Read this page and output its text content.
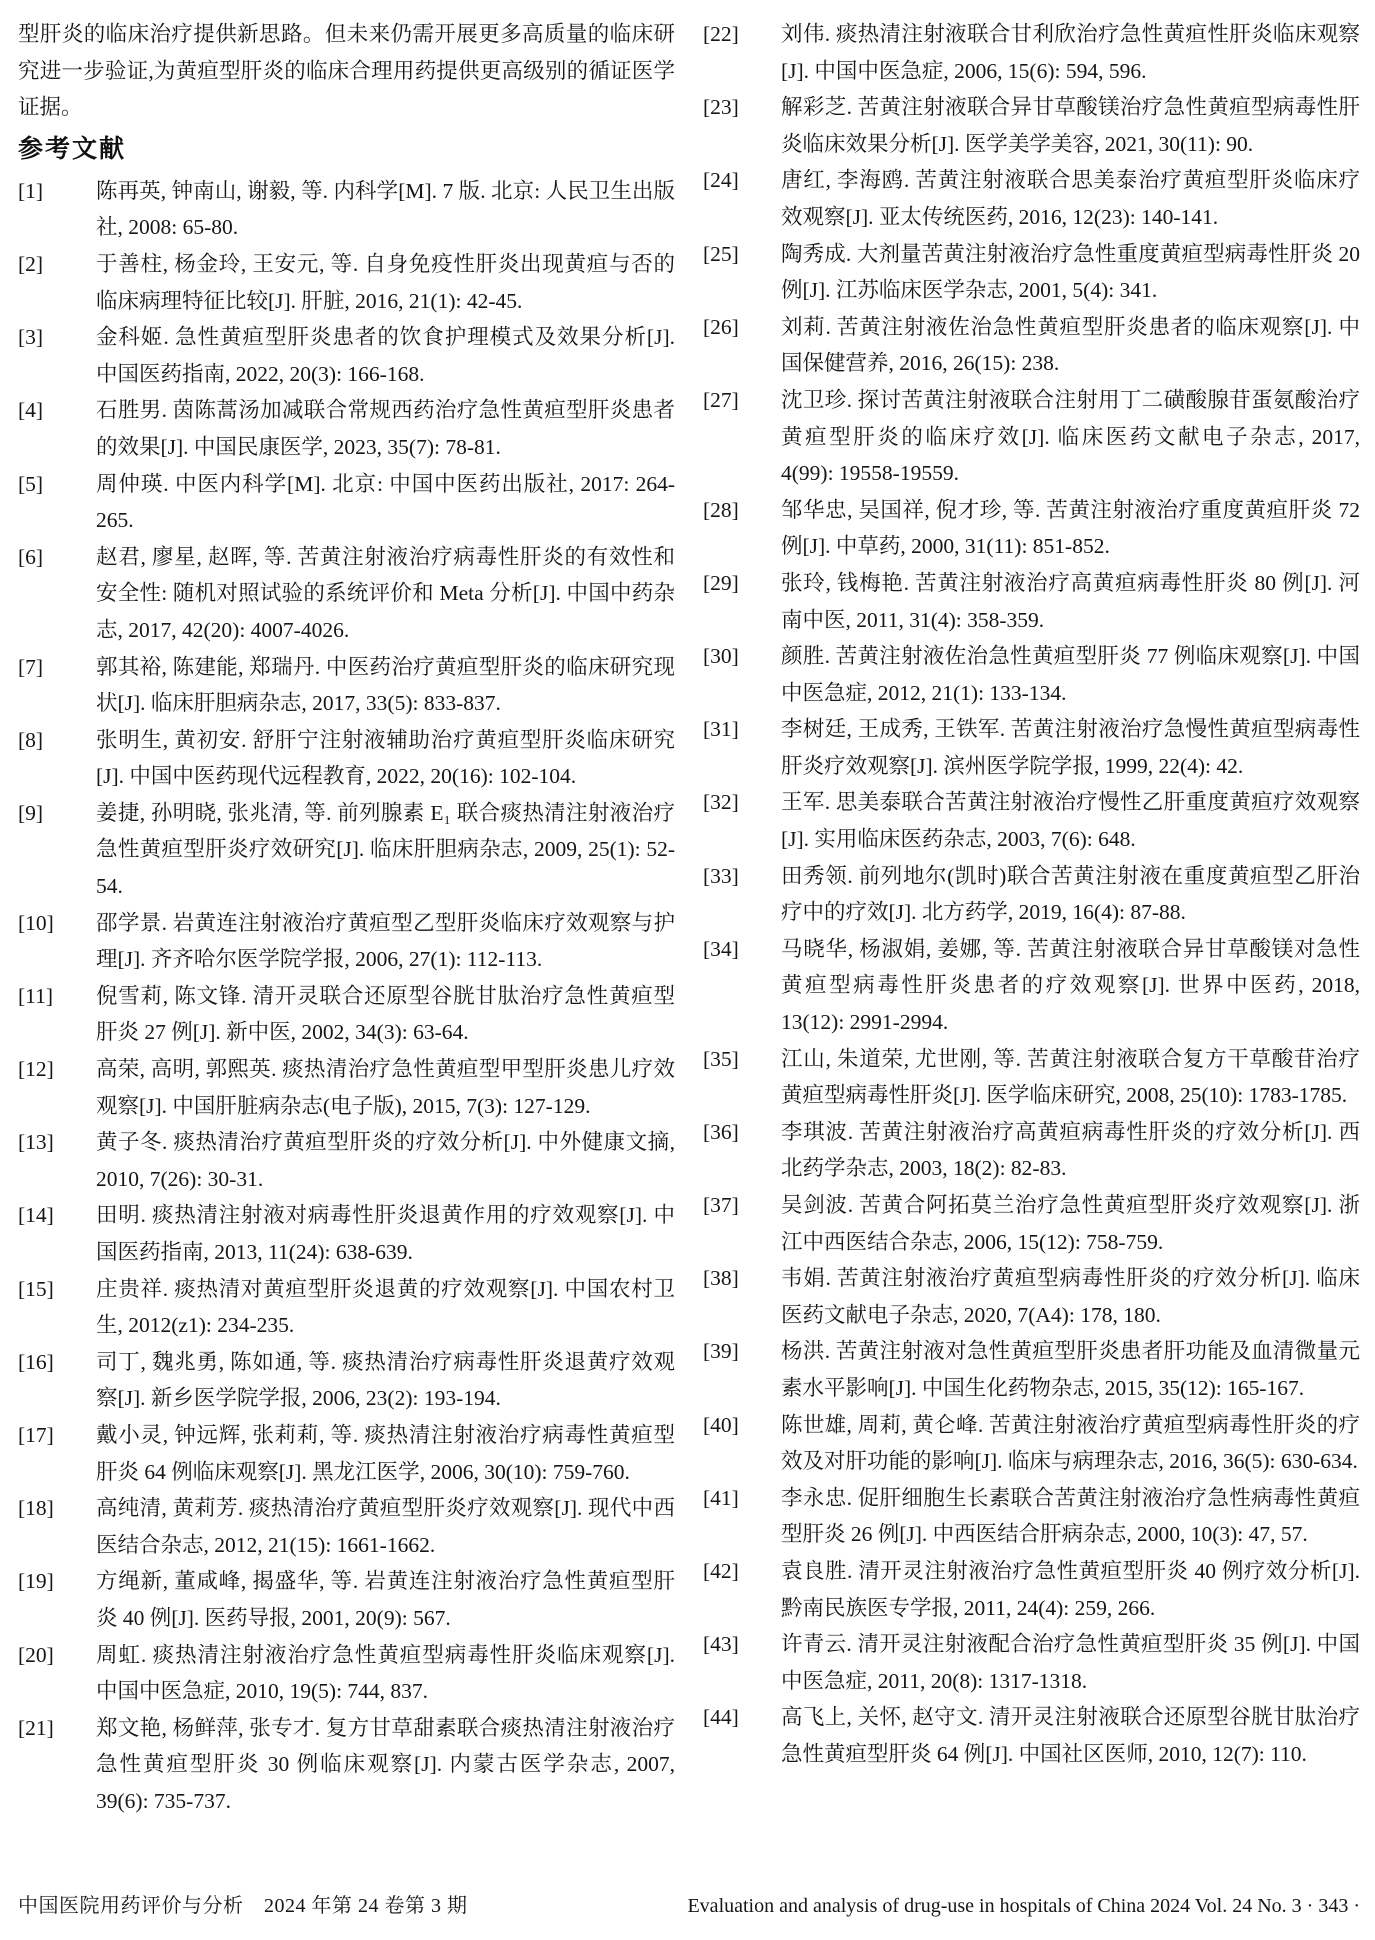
型肝炎的临床治疗提供新思路。但未来仍需开展更多高质量的临床研究进一步验证,为黄疸型肝炎的临床合理用药提供更高级别的循证医学证据。

参考文献
[1] 陈再英, 钟南山, 谢毅, 等. 内科学[M]. 7 版. 北京: 人民卫生出版社, 2008: 65-80.
[2] 于善柱, 杨金玲, 王安元, 等. 自身免疫性肝炎出现黄疸与否的临床病理特征比较[J]. 肝脏, 2016, 21(1): 42-45.
[3] 金科姬. 急性黄疸型肝炎患者的饮食护理模式及效果分析[J]. 中国医药指南, 2022, 20(3): 166-168.
[4] 石胜男. 茵陈蒿汤加减联合常规西药治疗急性黄疸型肝炎患者的效果[J]. 中国民康医学, 2023, 35(7): 78-81.
[5] 周仲瑛. 中医内科学[M]. 北京: 中国中医药出版社, 2017: 264-265.
[6] 赵君, 廖星, 赵晖, 等. 苦黄注射液治疗病毒性肝炎的有效性和安全性: 随机对照试验的系统评价和 Meta 分析[J]. 中国中药杂志, 2017, 42(20): 4007-4026.
[7] 郭其裕, 陈建能, 郑瑞丹. 中医药治疗黄疸型肝炎的临床研究现状[J]. 临床肝胆病杂志, 2017, 33(5): 833-837.
[8] 张明生, 黄初安. 舒肝宁注射液辅助治疗黄疸型肝炎临床研究[J]. 中国中医药现代远程教育, 2022, 20(16): 102-104.
[9] 姜捷, 孙明晓, 张兆清, 等. 前列腺素 E₁ 联合痰热清注射液治疗急性黄疸型肝炎疗效研究[J]. 临床肝胆病杂志, 2009, 25(1): 52-54.
[10] 邵学景. 岩黄连注射液治疗黄疸型乙型肝炎临床疗效观察与护理[J]. 齐齐哈尔医学院学报, 2006, 27(1): 112-113.
[11] 倪雪莉, 陈文锋. 清开灵联合还原型谷胱甘肽治疗急性黄疸型肝炎 27 例[J]. 新中医, 2002, 34(3): 63-64.
[12] 高荣, 高明, 郭熙英. 痰热清治疗急性黄疸型甲型肝炎患儿疗效观察[J]. 中国肝脏病杂志(电子版), 2015, 7(3): 127-129.
[13] 黄子冬. 痰热清治疗黄疸型肝炎的疗效分析[J]. 中外健康文摘, 2010, 7(26): 30-31.
[14] 田明. 痰热清注射液对病毒性肝炎退黄作用的疗效观察[J]. 中国医药指南, 2013, 11(24): 638-639.
[15] 庄贵祥. 痰热清对黄疸型肝炎退黄的疗效观察[J]. 中国农村卫生, 2012(z1): 234-235.
[16] 司丁, 魏兆勇, 陈如通, 等. 痰热清治疗病毒性肝炎退黄疗效观察[J]. 新乡医学院学报, 2006, 23(2): 193-194.
[17] 戴小灵, 钟远辉, 张莉莉, 等. 痰热清注射液治疗病毒性黄疸型肝炎 64 例临床观察[J]. 黑龙江医学, 2006, 30(10): 759-760.
[18] 高纯清, 黄莉芳. 痰热清治疗黄疸型肝炎疗效观察[J]. 现代中西医结合杂志, 2012, 21(15): 1661-1662.
[19] 方绳新, 董咸峰, 揭盛华, 等. 岩黄连注射液治疗急性黄疸型肝炎 40 例[J]. 医药导报, 2001, 20(9): 567.
[20] 周虹. 痰热清注射液治疗急性黄疸型病毒性肝炎临床观察[J]. 中国中医急症, 2010, 19(5): 744, 837.
[21] 郑文艳, 杨鲜萍, 张专才. 复方甘草甜素联合痰热清注射液治疗急性黄疸型肝炎 30 例临床观察[J]. 内蒙古医学杂志, 2007, 39(6): 735-737.
[22] 刘伟. 痰热清注射液联合甘利欣治疗急性黄疸性肝炎临床观察[J]. 中国中医急症, 2006, 15(6): 594, 596.
[23] 解彩芝. 苦黄注射液联合异甘草酸镁治疗急性黄疸型病毒性肝炎临床效果分析[J]. 医学美学美容, 2021, 30(11): 90.
[24] 唐红, 李海鸥. 苦黄注射液联合思美泰治疗黄疸型肝炎临床疗效观察[J]. 亚太传统医药, 2016, 12(23): 140-141.
[25] 陶秀成. 大剂量苦黄注射液治疗急性重度黄疸型病毒性肝炎 20 例[J]. 江苏临床医学杂志, 2001, 5(4): 341.
[26] 刘莉. 苦黄注射液佐治急性黄疸型肝炎患者的临床观察[J]. 中国保健营养, 2016, 26(15): 238.
[27] 沈卫珍. 探讨苦黄注射液联合注射用丁二磺酸腺苷蛋氨酸治疗黄疸型肝炎的临床疗效[J]. 临床医药文献电子杂志, 2017, 4(99): 19558-19559.
[28] 邹华忠, 吴国祥, 倪才珍, 等. 苦黄注射液治疗重度黄疸肝炎 72 例[J]. 中草药, 2000, 31(11): 851-852.
[29] 张玲, 钱梅艳. 苦黄注射液治疗高黄疸病毒性肝炎 80 例[J]. 河南中医, 2011, 31(4): 358-359.
[30] 颜胜. 苦黄注射液佐治急性黄疸型肝炎 77 例临床观察[J]. 中国中医急症, 2012, 21(1): 133-134.
[31] 李树廷, 王成秀, 王铁军. 苦黄注射液治疗急慢性黄疸型病毒性肝炎疗效观察[J]. 滨州医学院学报, 1999, 22(4): 42.
[32] 王军. 思美泰联合苦黄注射液治疗慢性乙肝重度黄疸疗效观察[J]. 实用临床医药杂志, 2003, 7(6): 648.
[33] 田秀领. 前列地尔(凯时)联合苦黄注射液在重度黄疸型乙肝治疗中的疗效[J]. 北方药学, 2019, 16(4): 87-88.
[34] 马晓华, 杨淑娟, 姜娜, 等. 苦黄注射液联合异甘草酸镁对急性黄疸型病毒性肝炎患者的疗效观察[J]. 世界中医药, 2018, 13(12): 2991-2994.
[35] 江山, 朱道荣, 尤世刚, 等. 苦黄注射液联合复方干草酸苷治疗黄疸型病毒性肝炎[J]. 医学临床研究, 2008, 25(10): 1783-1785.
[36] 李琪波. 苦黄注射液治疗高黄疸病毒性肝炎的疗效分析[J]. 西北药学杂志, 2003, 18(2): 82-83.
[37] 吴剑波. 苦黄合阿拓莫兰治疗急性黄疸型肝炎疗效观察[J]. 浙江中西医结合杂志, 2006, 15(12): 758-759.
[38] 韦娟. 苦黄注射液治疗黄疸型病毒性肝炎的疗效分析[J]. 临床医药文献电子杂志, 2020, 7(A4): 178, 180.
[39] 杨洪. 苦黄注射液对急性黄疸型肝炎患者肝功能及血清微量元素水平影响[J]. 中国生化药物杂志, 2015, 35(12): 165-167.
[40] 陈世雄, 周莉, 黄仑峰. 苦黄注射液治疗黄疸型病毒性肝炎的疗效及对肝功能的影响[J]. 临床与病理杂志, 2016, 36(5): 630-634.
[41] 李永忠. 促肝细胞生长素联合苦黄注射液治疗急性病毒性黄疸型肝炎 26 例[J]. 中西医结合肝病杂志, 2000, 10(3): 47, 57.
[42] 袁良胜. 清开灵注射液治疗急性黄疸型肝炎 40 例疗效分析[J]. 黔南民族医专学报, 2011, 24(4): 259, 266.
[43] 许青云. 清开灵注射液配合治疗急性黄疸型肝炎 35 例[J]. 中国中医急症, 2011, 20(8): 1317-1318.
[44] 高飞上, 关怀, 赵守文. 清开灵注射液联合还原型谷胱甘肽治疗急性黄疸型肝炎 64 例[J]. 中国社区医师, 2010, 12(7): 110.
中国医院用药评价与分析　2024 年第 24 卷第 3 期	Evaluation and analysis of drug-use in hospitals of China 2024 Vol. 24 No. 3 · 343 ·
